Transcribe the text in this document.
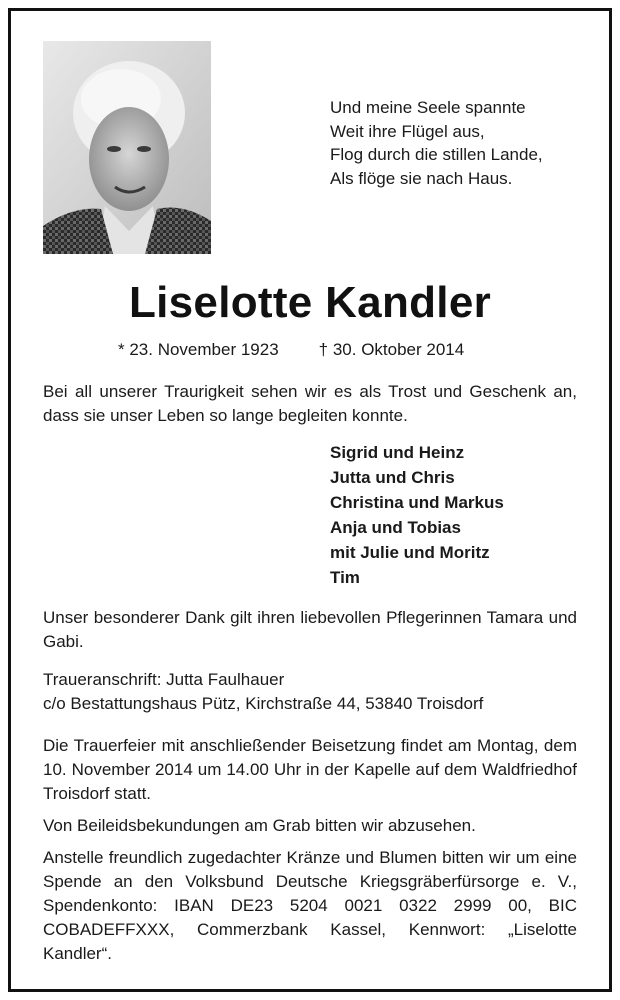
Und meine Seele spannte
Weit ihre Flügel aus,
Flog durch die stillen Lande,
Als flöge sie nach Haus.
Liselotte Kandler
* 23. November 1923 † 30. Oktober 2014
Bei all unserer Traurigkeit sehen wir es als Trost und Geschenk an, dass sie unser Leben so lange begleiten konnte.
Sigrid und Heinz
Jutta und Chris
Christina und Markus
Anja und Tobias
mit Julie und Moritz
Tim
Unser besonderer Dank gilt ihren liebevollen Pflegerinnen Tamara und Gabi.
Traueranschrift: Jutta Faulhauer
c/o Bestattungshaus Pütz, Kirchstraße 44, 53840 Troisdorf
Die Trauerfeier mit anschließender Beisetzung findet am Montag, dem 10. November 2014 um 14.00 Uhr in der Kapelle auf dem Waldfriedhof Troisdorf statt.
Von Beileidsbekundungen am Grab bitten wir abzusehen.
Anstelle freundlich zugedachter Kränze und Blumen bitten wir um eine Spende an den Volksbund Deutsche Kriegsgräberfürsorge e. V., Spendenkonto: IBAN DE23 5204 0021 0322 2999 00, BIC COBADEFFXXX, Commerzbank Kassel, Kennwort: „Liselotte Kandler“.
